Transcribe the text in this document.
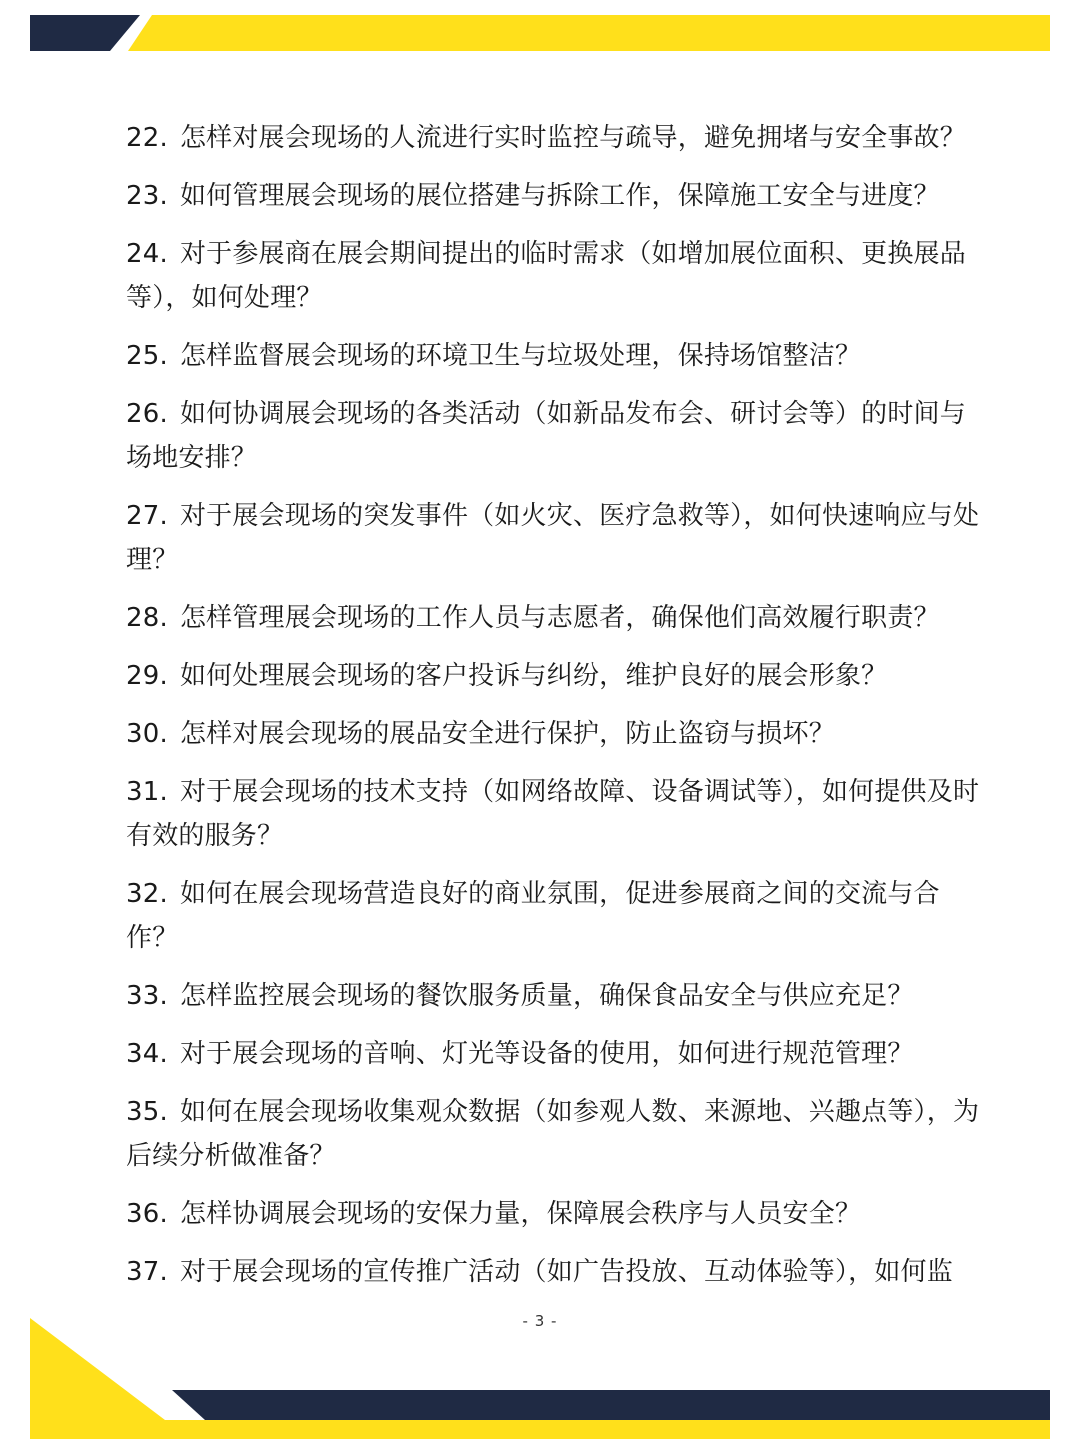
22. 怎样对展会现场的人流进行实时监控与疏导，避免拥堵与安全事故？
23. 如何管理展会现场的展位搭建与拆除工作，保障施工安全与进度？
24. 对于参展商在展会期间提出的临时需求（如增加展位面积、更换展品等），如何处理？
25. 怎样监督展会现场的环境卫生与垃圾处理，保持场馆整洁？
26. 如何协调展会现场的各类活动（如新品发布会、研讨会等）的时间与场地安排？
27. 对于展会现场的突发事件（如火灾、医疗急救等），如何快速响应与处理？
28. 怎样管理展会现场的工作人员与志愿者，确保他们高效履行职责？
29. 如何处理展会现场的客户投诉与纠纷，维护良好的展会形象？
30. 怎样对展会现场的展品安全进行保护，防止盗窃与损坏？
31. 对于展会现场的技术支持（如网络故障、设备调试等），如何提供及时有效的服务？
32. 如何在展会现场营造良好的商业氛围，促进参展商之间的交流与合作？
33. 怎样监控展会现场的餐饮服务质量，确保食品安全与供应充足？
34. 对于展会现场的音响、灯光等设备的使用，如何进行规范管理？
35. 如何在展会现场收集观众数据（如参观人数、来源地、兴趣点等），为后续分析做准备？
36. 怎样协调展会现场的安保力量，保障展会秩序与人员安全？
37. 对于展会现场的宣传推广活动（如广告投放、互动体验等），如何监
- 3 -
